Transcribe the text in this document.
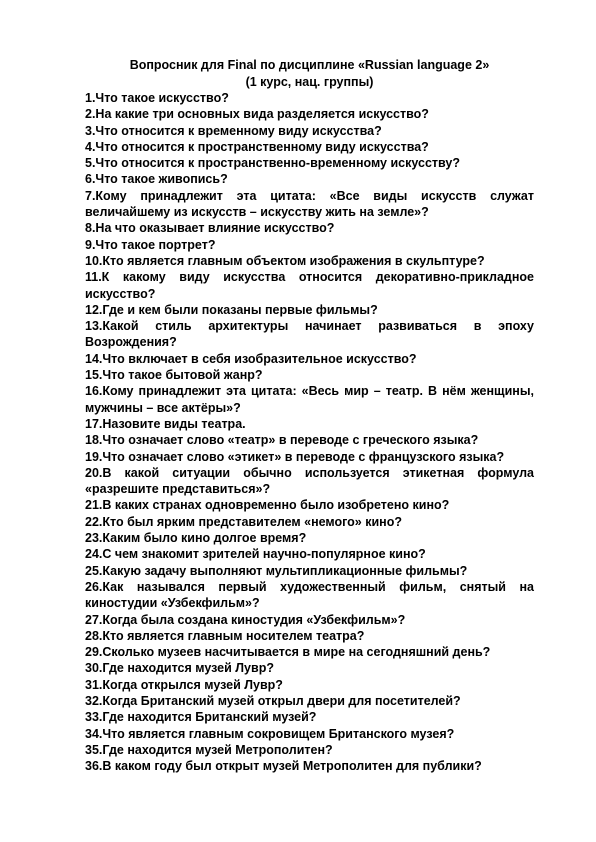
Вопросник для Final по дисциплине «Russian language 2»

(1 курс, нац. группы)

1.Что такое искусство?
2.На какие три основных вида разделяется искусство?
3.Что относится к временному виду искусства?
4.Что относится к пространственному виду искусства?
5.Что относится к пространственно-временному искусству?
6.Что такое живопись?
7.Кому принадлежит эта цитата: «Все виды искусств служат величайшему из искусств – искусству жить на земле»?
8.На что оказывает влияние искусство?
9.Что такое портрет?
10.Кто является главным объектом изображения в скульптуре?
11.К какому виду искусства относится декоративно-прикладное искусство?
12.Где и кем были показаны первые фильмы?
13.Какой стиль архитектуры начинает развиваться в эпоху Возрождения?
14.Что включает в себя изобразительное искусство?
15.Что такое бытовой жанр?
16.Кому принадлежит эта цитата: «Весь мир – театр. В нём женщины, мужчины – все актёры»?
17.Назовите виды театра.
18.Что означает слово «театр» в переводе с греческого языка?
19.Что означает слово «этикет» в переводе с французского языка?
20.В какой ситуации обычно используется этикетная формула «разрешите представиться»?
21.В каких странах одновременно было изобретено кино?
22.Кто был ярким представителем «немого» кино?
23.Каким было кино долгое время?
24.С чем знакомит зрителей научно-популярное кино?
25.Какую задачу выполняют мультипликационные фильмы?
26.Как назывался первый художественный фильм, снятый на киностудии «Узбекфильм»?
27.Когда была создана киностудия «Узбекфильм»?
28.Кто является главным носителем театра?
29.Сколько музеев насчитывается в мире на сегодняшний день?
30.Где находится музей Лувр?
31.Когда открылся музей Лувр?
32.Когда Британский музей открыл двери для посетителей?
33.Где находится Британский музей?
34.Что является главным сокровищем Британского музея?
35.Где находится музей Метрополитен?
36.В каком году был открыт музей Метрополитен для публики?
